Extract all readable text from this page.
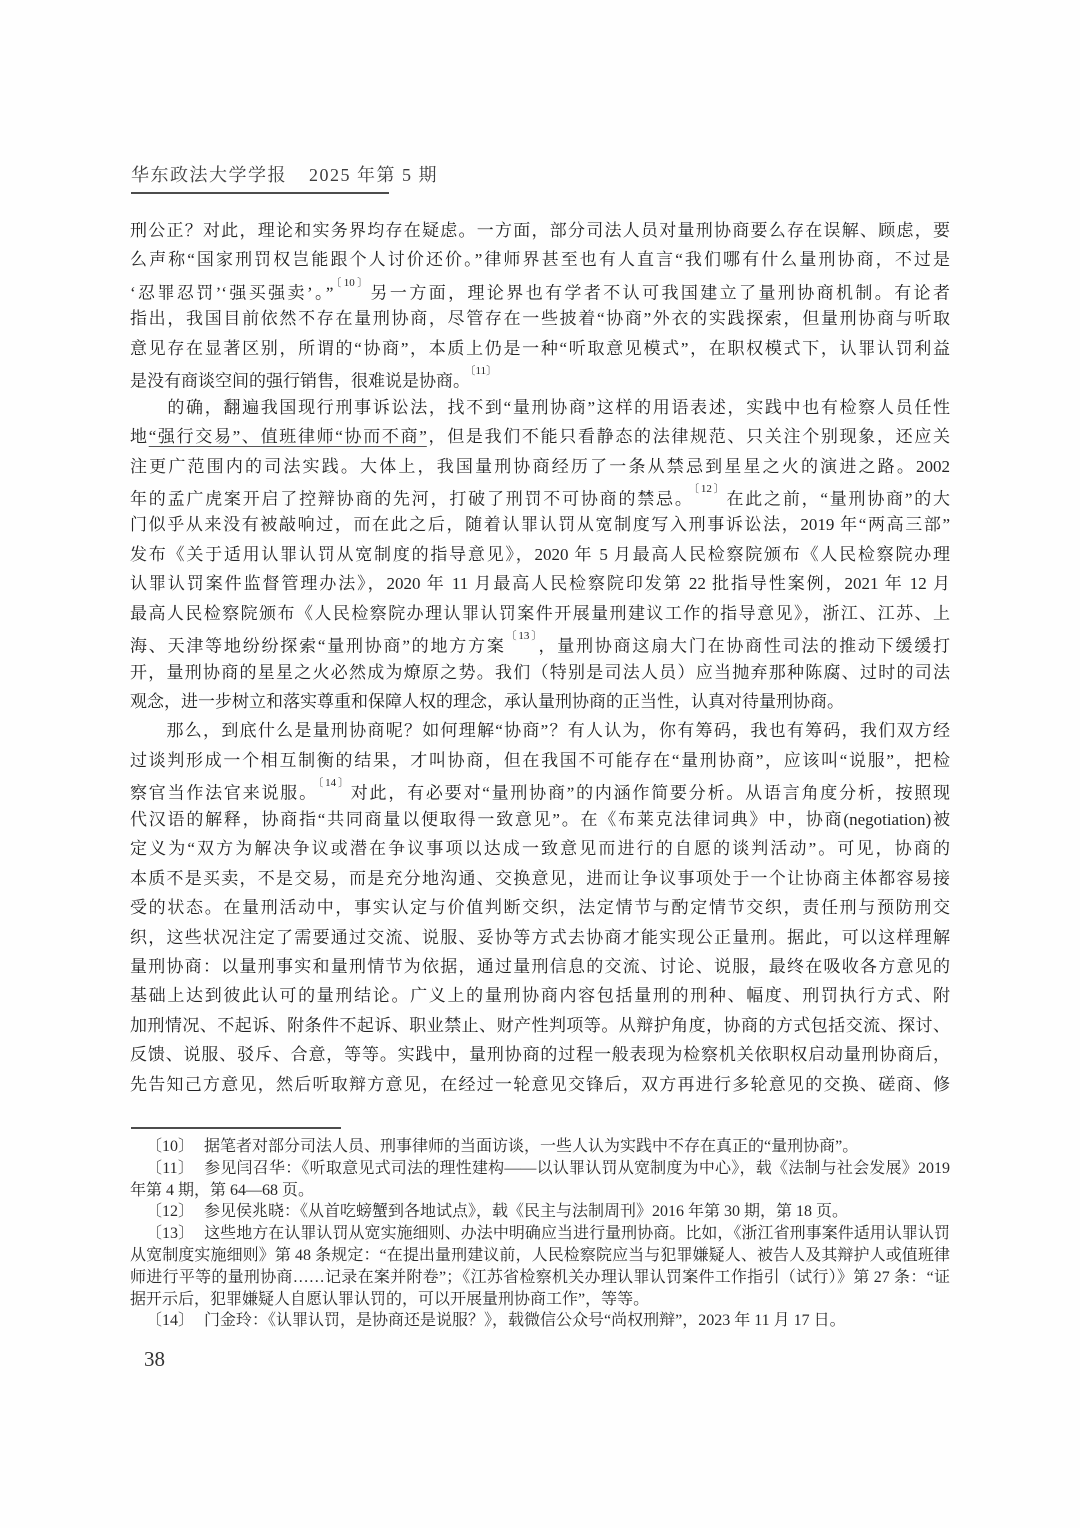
华东政法大学学报 2025 年第 5 期
刑公正？对此，理论和实务界均存在疑虑。一方面，部分司法人员对量刑协商要么存在误解、顾虑，要
么声称“国家刑罚权岂能跟个人讨价还价。”律师界甚至也有人直言“我们哪有什么量刑协商，不过是
‘忍罪忍罚’‘强买强卖’。”$^{〔10〕}$另一方面，理论界也有学者不认可我国建立了量刑协商机制。有论者
指出，我国目前依然不存在量刑协商，尽管存在一些披着“协商”外衣的实践探索，但量刑协商与听取
意见存在显著区别，所谓的“协商”，本质上仍是一种“听取意见模式”，在职权模式下，认罪认罚利益
是没有商谈空间的强行销售，很难说是协商。$^{〔11〕}$
　　的确，翻遍我国现行刑事诉讼法，找不到“量刑协商”这样的用语表述，实践中也有检察人员任性
地“强行交易”、值班律师“协而不商”，但是我们不能只看静态的法律规范、只关注个别现象，还应关
注更广范围内的司法实践。大体上，我国量刑协商经历了一条从禁忌到星星之火的演进之路。2002
年的孟广虎案开启了控辩协商的先河，打破了刑罚不可协商的禁忌。$^{〔12〕}$在此之前，“量刑协商”的大
门似乎从来没有被敲响过，而在此之后，随着认罪认罚从宽制度写入刑事诉讼法，2019 年“两高三部”
发布《关于适用认罪认罚从宽制度的指导意见》，2020 年 5 月最高人民检察院颁布《人民检察院办理
认罪认罚案件监督管理办法》，2020 年 11 月最高人民检察院印发第 22 批指导性案例，2021 年 12 月
最高人民检察院颁布《人民检察院办理认罪认罚案件开展量刑建议工作的指导意见》，浙江、江苏、上
海、天津等地纷纷探索“量刑协商”的地方方案$^{〔13〕}$，量刑协商这扇大门在协商性司法的推动下缓缓打
开，量刑协商的星星之火必然成为燎原之势。我们（特别是司法人员）应当抛弃那种陈腐、过时的司法
观念，进一步树立和落实尊重和保障人权的理念，承认量刑协商的正当性，认真对待量刑协商。
　　那么，到底什么是量刑协商呢？如何理解“协商”？有人认为，你有筹码，我也有筹码，我们双方经
过谈判形成一个相互制衡的结果，才叫协商，但在我国不可能存在“量刑协商”，应该叫“说服”，把检
察官当作法官来说服。$^{〔14〕}$对此，有必要对“量刑协商”的内涵作简要分析。从语言角度分析，按照现
代汉语的解释，协商指“共同商量以便取得一致意见”。在《布莱克法律词典》中，协商(negotiation)被
定义为“双方为解决争议或潜在争议事项以达成一致意见而进行的自愿的谈判活动”。可见，协商的
本质不是买卖，不是交易，而是充分地沟通、交换意见，进而让争议事项处于一个让协商主体都容易接
受的状态。在量刑活动中，事实认定与价值判断交织，法定情节与酌定情节交织，责任刑与预防刑交
织，这些状况注定了需要通过交流、说服、妥协等方式去协商才能实现公正量刑。据此，可以这样理解
量刑协商：以量刑事实和量刑情节为依据，通过量刑信息的交流、讨论、说服，最终在吸收各方意见的
基础上达到彼此认可的量刑结论。广义上的量刑协商内容包括量刑的刑种、幅度、刑罚执行方式、附
加刑情况、不起诉、附条件不起诉、职业禁止、财产性判项等。从辩护角度，协商的方式包括交流、探讨、
反馈、说服、驳斥、合意，等等。实践中，量刑协商的过程一般表现为检察机关依职权启动量刑协商后，
先告知己方意见，然后听取辩方意见，在经过一轮意见交锋后，双方再进行多轮意见的交换、磋商、修

〔10〕 据笔者对部分司法人员、刑事律师的当面访谈，一些人认为实践中不存在真正的“量刑协商”。

〔11〕 参见闫召华：《听取意见式司法的理性建构——以认罪认罚从宽制度为中心》，载《法制与社会发展》2019 年第 4 期，第 64—68 页。

〔12〕 参见侯兆晓：《从首吃螃蟹到各地试点》，载《民主与法制周刊》2016 年第 30 期，第 18 页。

〔13〕 这些地方在认罪认罚从宽实施细则、办法中明确应当进行量刑协商。比如，《浙江省刑事案件适用认罪认罚从宽制度实施细则》第 48 条规定：“在提出量刑建议前，人民检察院应当与犯罪嫌疑人、被告人及其辩护人或值班律师进行平等的量刑协商……记录在案并附卷”；《江苏省检察机关办理认罪认罚案件工作指引（试行）》第 27 条：“证据开示后，犯罪嫌疑人自愿认罪认罚的，可以开展量刑协商工作”，等等。

〔14〕 门金玲：《认罪认罚，是协商还是说服？》，载微信公众号“尚权刑辩”，2023 年 11 月 17 日。

38
